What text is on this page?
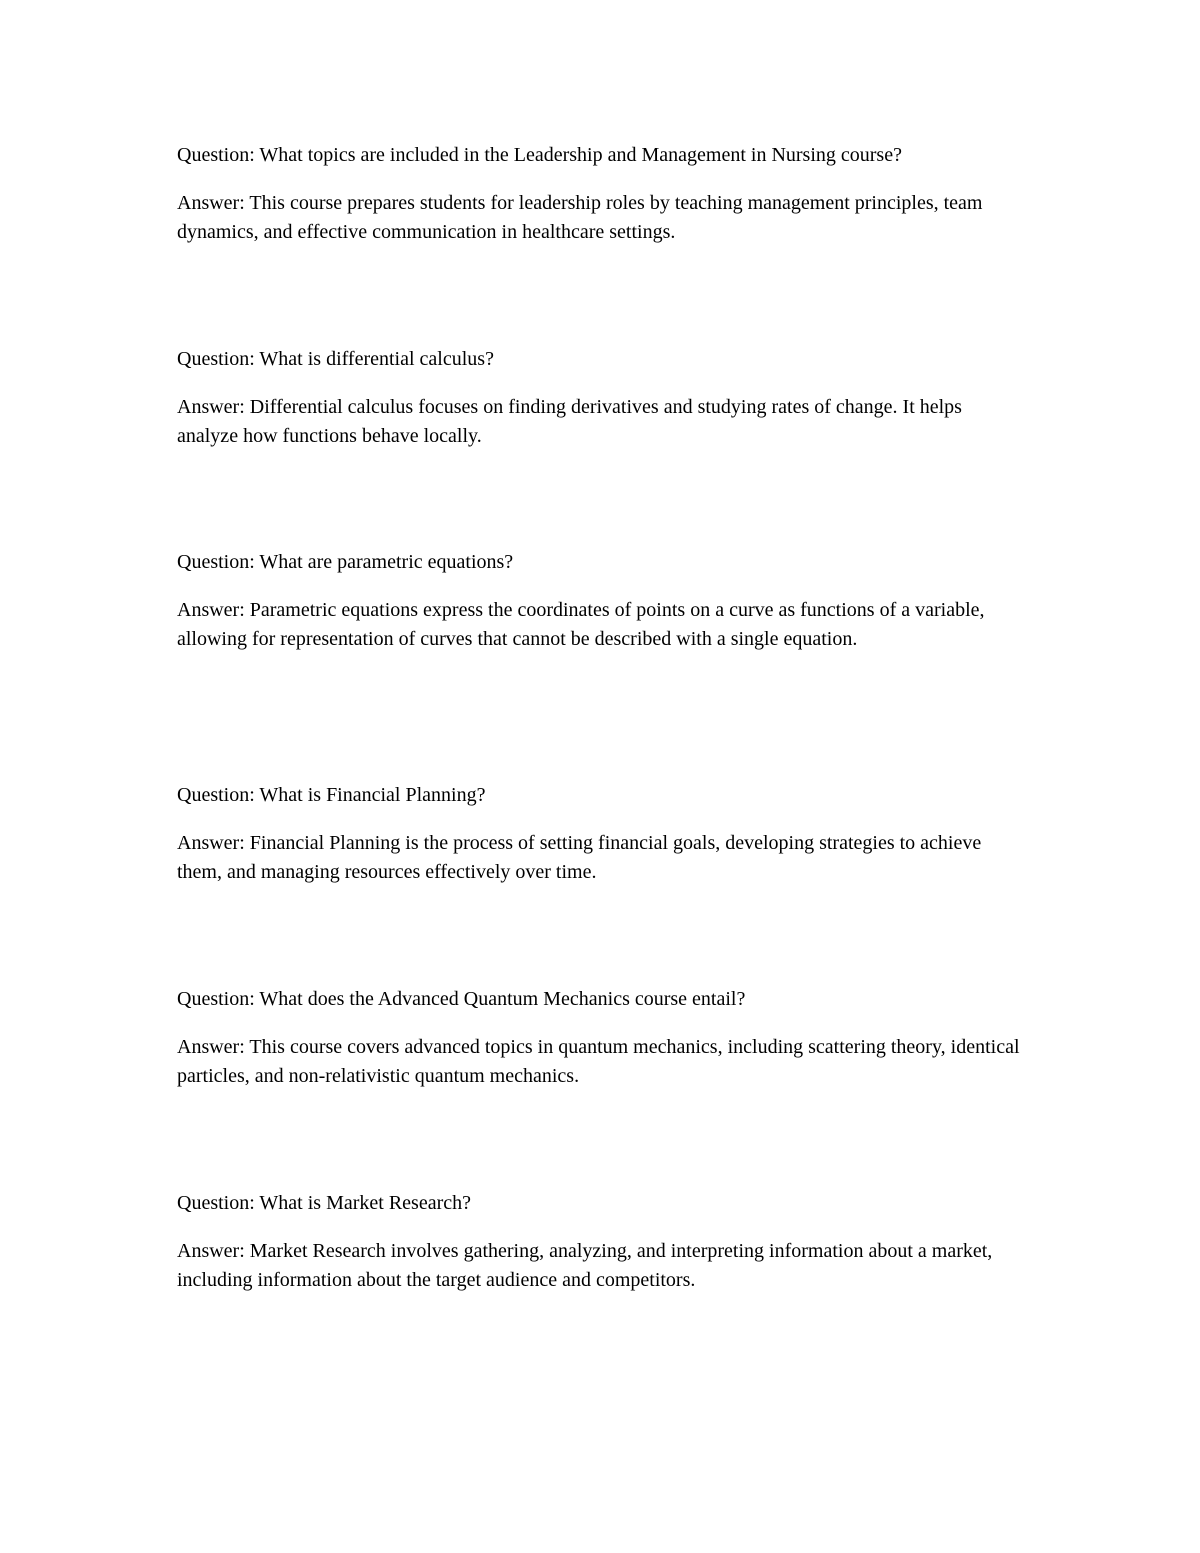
Question: What topics are included in the Leadership and Management in Nursing course?

Answer: This course prepares students for leadership roles by teaching management principles, team dynamics, and effective communication in healthcare settings.

Question: What is differential calculus?

Answer: Differential calculus focuses on finding derivatives and studying rates of change. It helps analyze how functions behave locally.

Question: What are parametric equations?

Answer: Parametric equations express the coordinates of points on a curve as functions of a variable, allowing for representation of curves that cannot be described with a single equation.

Question: What is Financial Planning?

Answer: Financial Planning is the process of setting financial goals, developing strategies to achieve them, and managing resources effectively over time.

Question: What does the Advanced Quantum Mechanics course entail?

Answer: This course covers advanced topics in quantum mechanics, including scattering theory, identical particles, and non-relativistic quantum mechanics.

Question: What is Market Research?

Answer: Market Research involves gathering, analyzing, and interpreting information about a market, including information about the target audience and competitors.
